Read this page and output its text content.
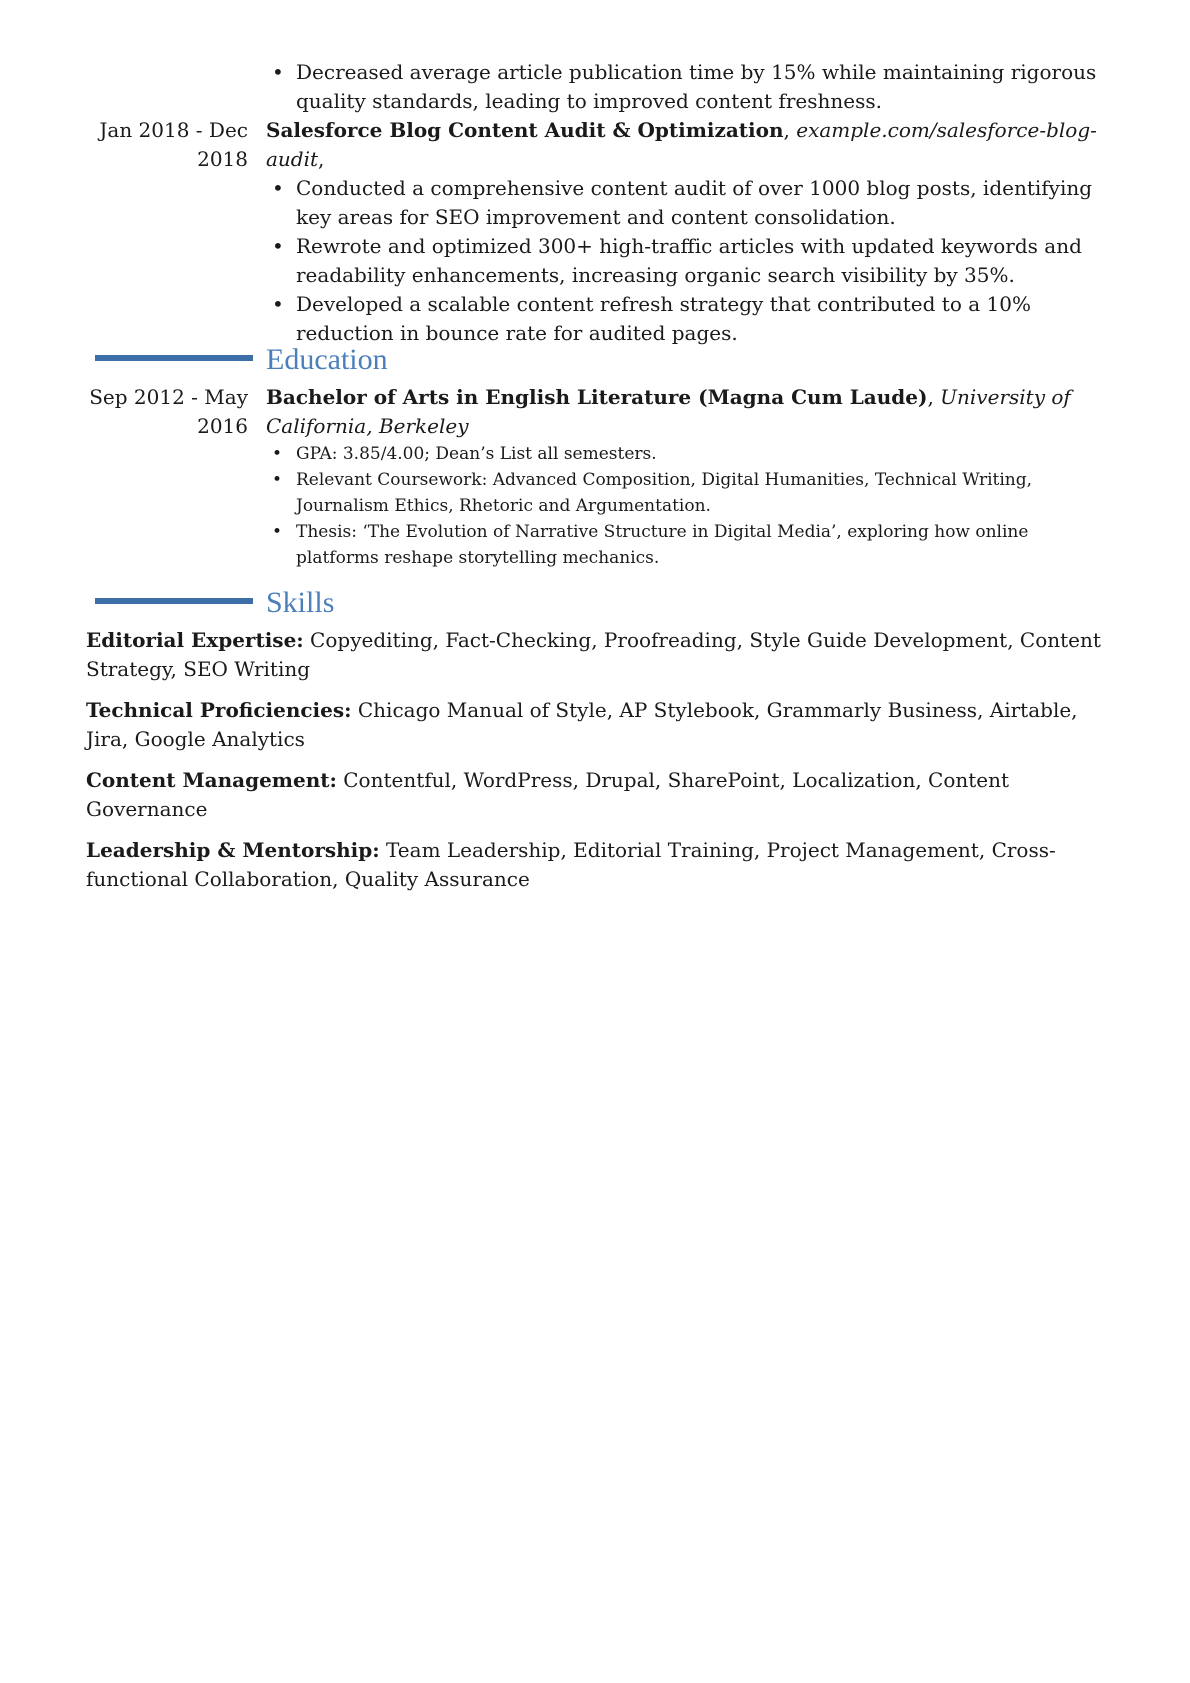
• Decreased average article publication time by 15% while maintaining rigorous quality standards, leading to improved content freshness.
Jan 2018 - Dec 2018
Salesforce Blog Content Audit & Optimization, example.com/salesforce-blog-audit,
• Conducted a comprehensive content audit of over 1000 blog posts, identifying key areas for SEO improvement and content consolidation.
• Rewrote and optimized 300+ high-traffic articles with updated keywords and readability enhancements, increasing organic search visibility by 35%.
• Developed a scalable content refresh strategy that contributed to a 10% reduction in bounce rate for audited pages.
Education
Sep 2012 - May 2016
Bachelor of Arts in English Literature (Magna Cum Laude), University of California, Berkeley
• GPA: 3.85/4.00; Dean’s List all semesters.
• Relevant Coursework: Advanced Composition, Digital Humanities, Technical Writing, Journalism Ethics, Rhetoric and Argumentation.
• Thesis: ‘The Evolution of Narrative Structure in Digital Media’, exploring how online platforms reshape storytelling mechanics.
Skills

Editorial Expertise: Copyediting, Fact-Checking, Proofreading, Style Guide Development, Content Strategy, SEO Writing

Technical Proficiencies: Chicago Manual of Style, AP Stylebook, Grammarly Business, Airtable, Jira, Google Analytics

Content Management: Contentful, WordPress, Drupal, SharePoint, Localization, Content Governance

Leadership & Mentorship: Team Leadership, Editorial Training, Project Management, Cross-functional Collaboration, Quality Assurance
